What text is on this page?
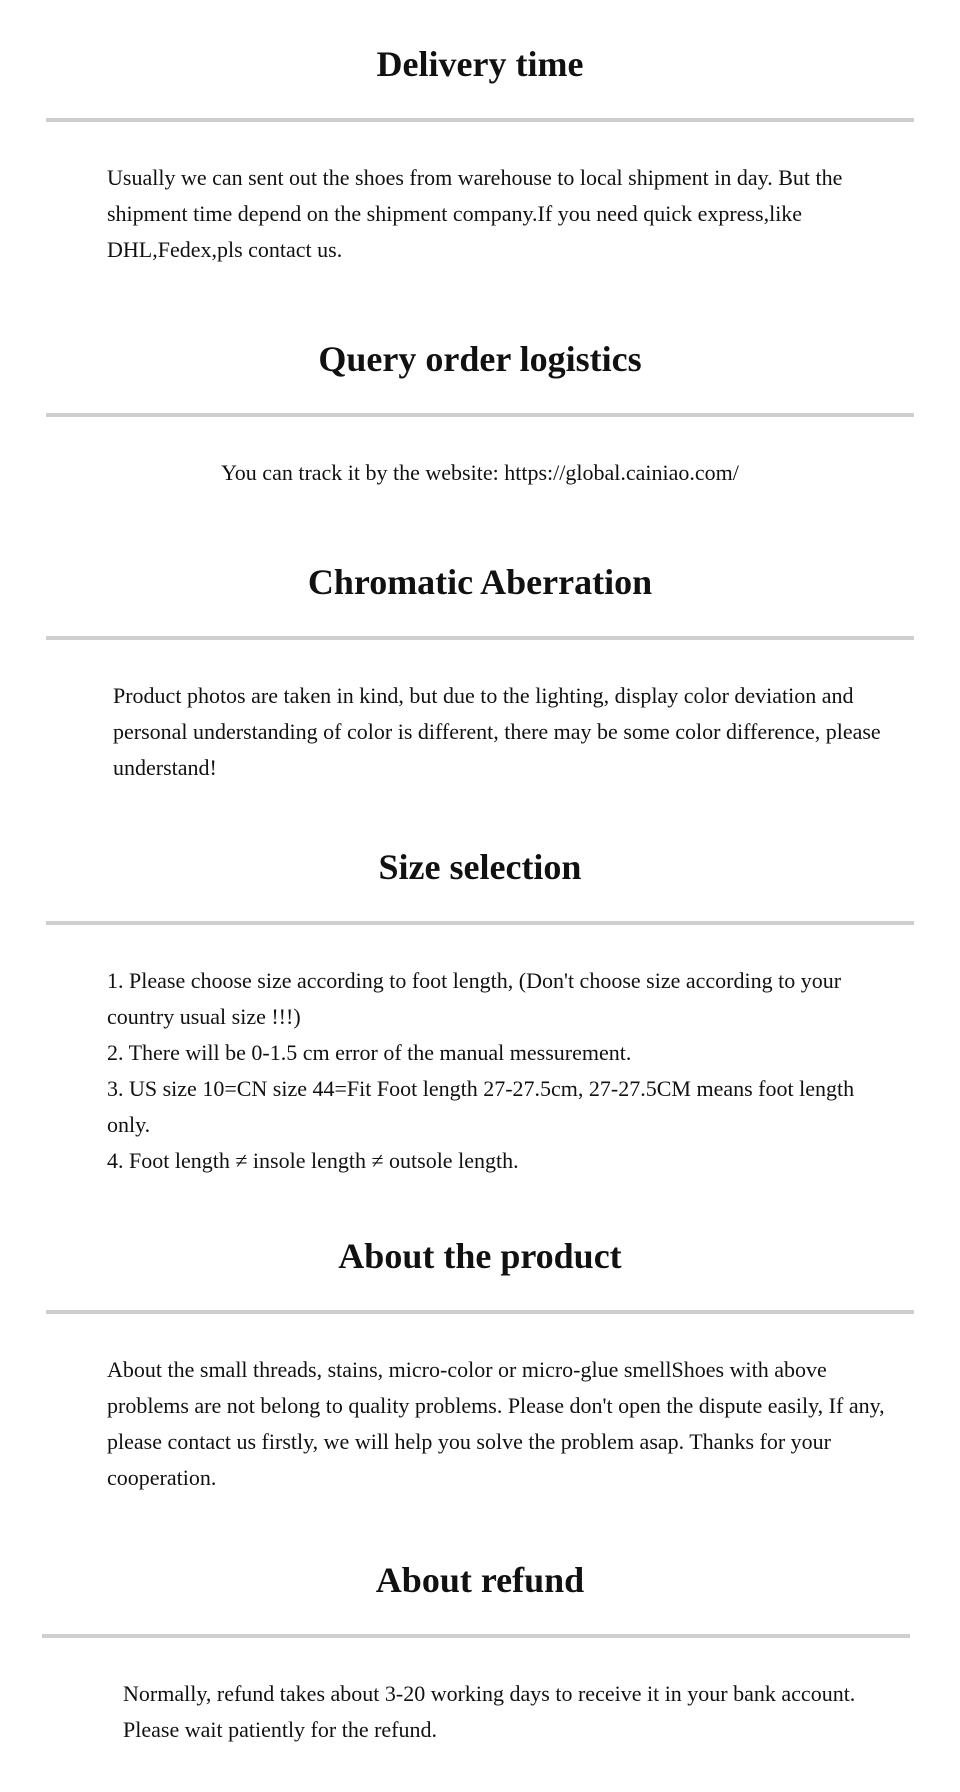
Delivery time

Usually we can sent out the shoes from warehouse to local shipment in day. But the shipment time depend on the shipment company.If you need quick express,like DHL,Fedex,pls contact us.

Query order logistics

You can track it by the website: https://global.cainiao.com/

Chromatic Aberration

Product photos are taken in kind, but due to the lighting, display color deviation and personal understanding of color is different, there may be some color difference, please understand!

Size selection

1. Please choose size according to foot length, (Don't choose size according to your country usual size !!!)

2. There will be 0-1.5 cm error of the manual messurement.

3. US size 10=CN size 44=Fit Foot length 27-27.5cm, 27-27.5CM means foot length only.

4. Foot length ≠ insole length ≠ outsole length.

About the product

About the small threads, stains, micro-color or micro-glue smellShoes with above problems are not belong to quality problems. Please don't open the dispute easily, If any, please contact us firstly, we will help you solve the problem asap. Thanks for your cooperation.

About refund

Normally, refund takes about 3-20 working days to receive it in your bank account. Please wait patiently for the refund.
